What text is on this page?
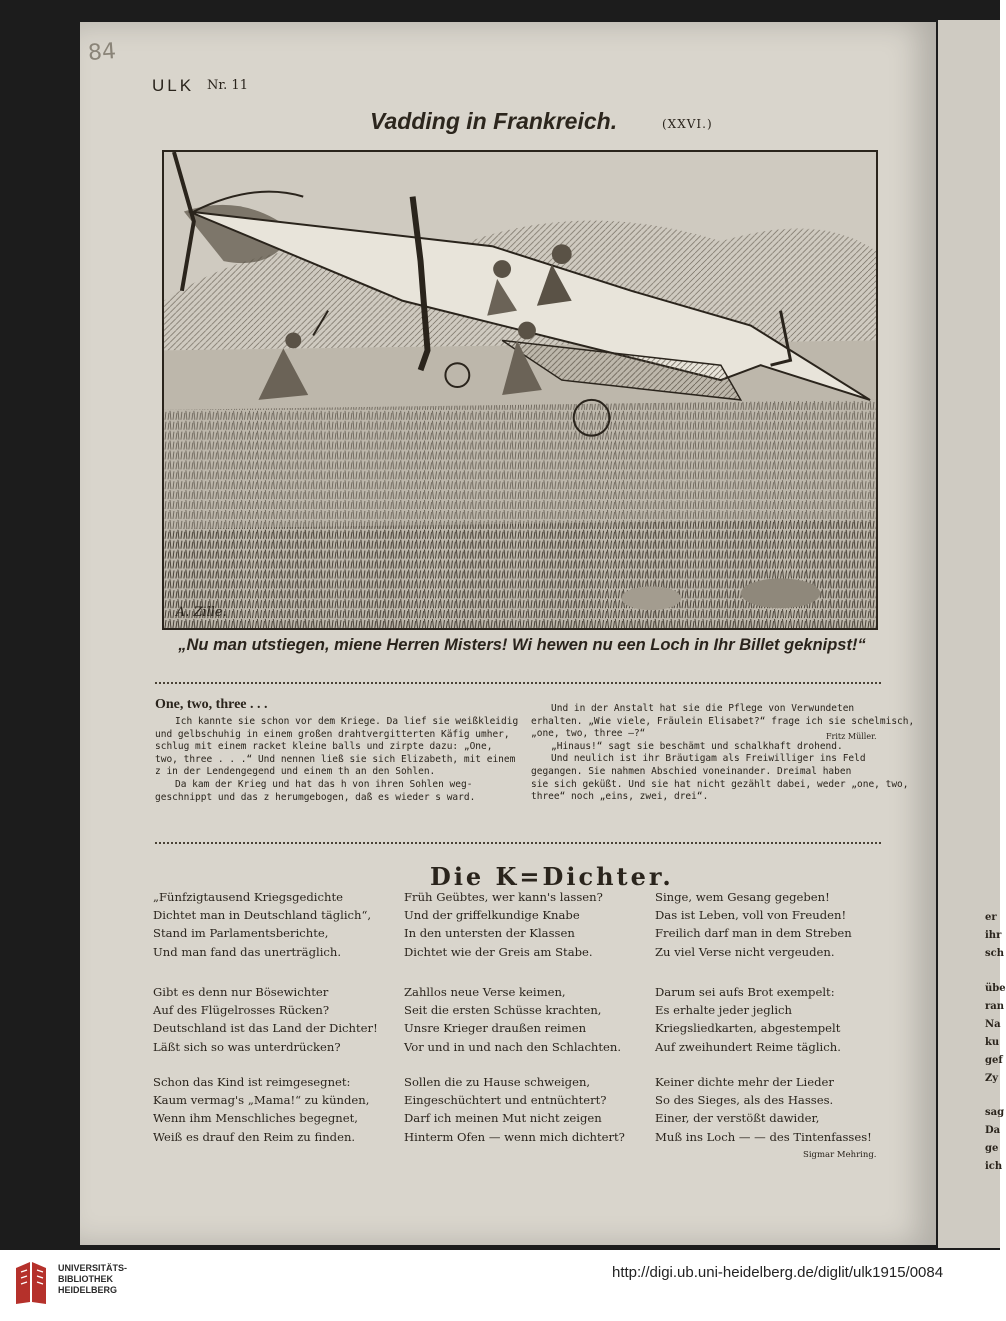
84
ULK Nr. 11
Vadding in Frankreich.	(XXVI.)
A. Zille.
„Nu man utstiegen, miene Herren Misters! Wi hewen nu een Loch in Ihr Billet geknipst!“
One, two, three . . .

Ich kannte sie schon vor dem Kriege. Da lief sie weißkleidig

und gelbschuhig in einem großen drahtvergitterten Käfig umher,

schlug mit einem racket kleine balls und zirpte dazu: „One,

two, three . . .“ Und nennen ließ sie sich Elizabeth, mit einem

z in der Lendengegend und einem th an den Sohlen.

Da kam der Krieg und hat das h von ihren Sohlen weg-

geschnippt und das z herumgebogen, daß es wieder s ward.

Und in der Anstalt hat sie die Pflege von Verwundeten

erhalten. „Wie viele, Fräulein Elisabet?“ frage ich sie schelmisch,

„one, two, three —?“

„Hinaus!“ sagt sie beschämt und schalkhaft drohend.

Und neulich ist ihr Bräutigam als Freiwilliger ins Feld

gegangen. Sie nahmen Abschied voneinander. Dreimal haben

sie sich geküßt. Und sie hat nicht gezählt dabei, weder „one, two,

three“ noch „eins, zwei, drei“.

Fritz Müller.
Die K=Dichter.

„Fünfzigtausend Kriegsgedichte

Dichtet man in Deutschland täglich“,

Stand im Parlamentsberichte,

Und man fand das unerträglich.

Gibt es denn nur Bösewichter

Auf des Flügelrosses Rücken?

Deutschland ist das Land der Dichter!

Läßt sich so was unterdrücken?

Schon das Kind ist reimgesegnet:

Kaum vermag's „Mama!“ zu künden,

Wenn ihm Menschliches begegnet,

Weiß es drauf den Reim zu finden.

Früh Geübtes, wer kann's lassen?

Und der griffelkundige Knabe

In den untersten der Klassen

Dichtet wie der Greis am Stabe.

Zahllos neue Verse keimen,

Seit die ersten Schüsse krachten,

Unsre Krieger draußen reimen

Vor und in und nach den Schlachten.

Sollen die zu Hause schweigen,

Eingeschüchtert und entnüchtert?

Darf ich meinen Mut nicht zeigen

Hinterm Ofen — wenn mich dichtert?

Singe, wem Gesang gegeben!

Das ist Leben, voll von Freuden!

Freilich darf man in dem Streben

Zu viel Verse nicht vergeuden.

Darum sei aufs Brot exempelt:

Es erhalte jeder jeglich

Kriegsliedkarten, abgestempelt

Auf zweihundert Reime täglich.

Keiner dichte mehr der Lieder

So des Sieges, als des Hasses.

Einer, der verstößt dawider,

Muß ins Loch — — des Tintenfasses!

Sigmar Mehring.
er
ihr
sch
übe
ran
Na
ku
gef
Zy
sag
Da
ge
ich
UNIVERSITÄTS-
BIBLIOTHEK
HEIDELBERG
http://digi.ub.uni-heidelberg.de/diglit/ulk1915/0084
